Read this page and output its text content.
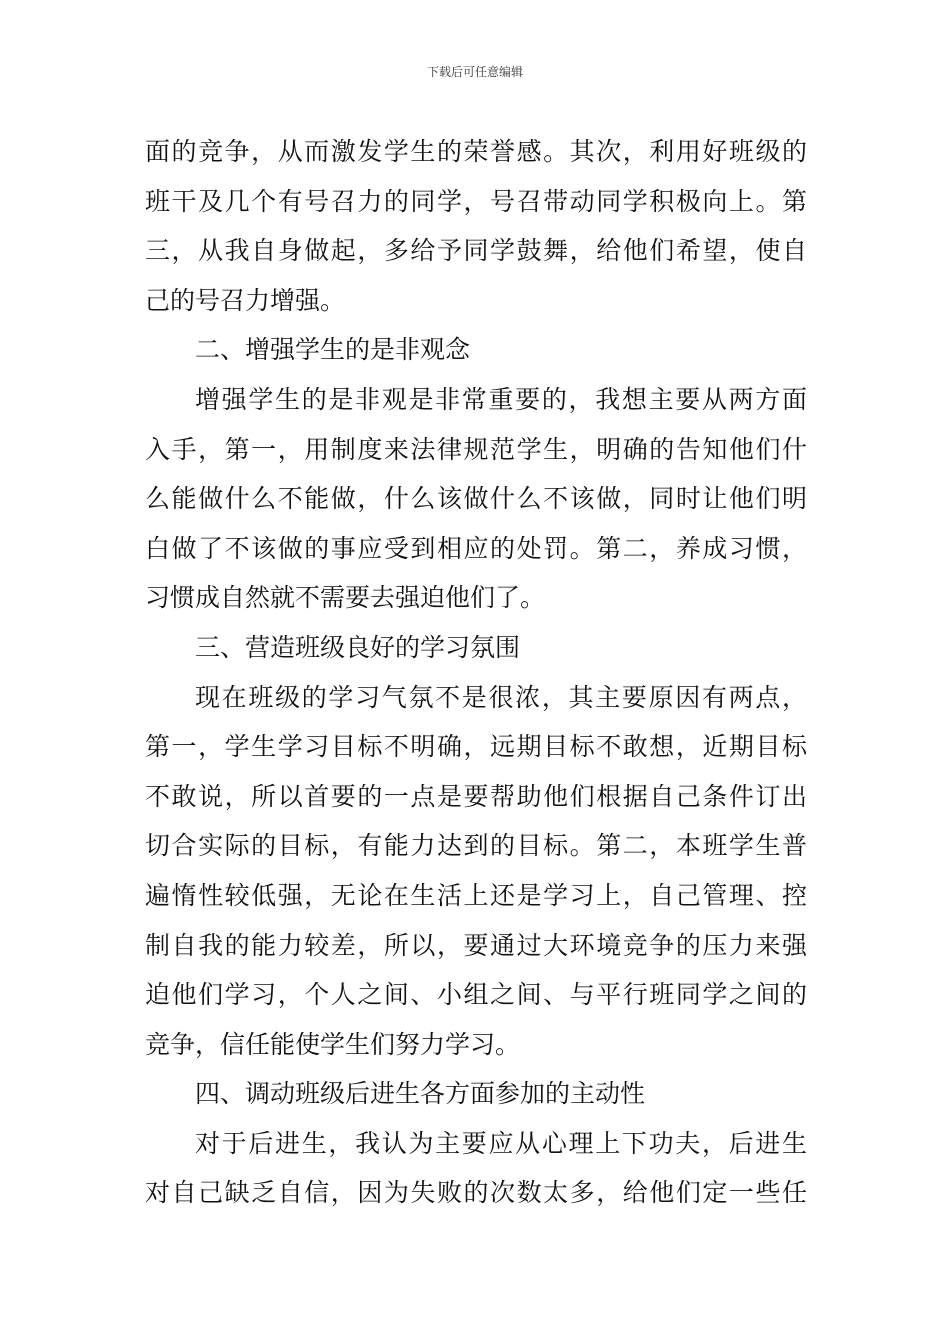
下载后可任意编辑
面的竞争，从而激发学生的荣誉感。其次，利用好班级的
班干及几个有号召力的同学，号召带动同学积极向上。第
三，从我自身做起，多给予同学鼓舞，给他们希望，使自
己的号召力增强。
二、增强学生的是非观念
增强学生的是非观是非常重要的，我想主要从两方面
入手，第一，用制度来法律规范学生，明确的告知他们什
么能做什么不能做，什么该做什么不该做，同时让他们明
白做了不该做的事应受到相应的处罚。第二，养成习惯，
习惯成自然就不需要去强迫他们了。
三、营造班级良好的学习氛围
现在班级的学习气氛不是很浓，其主要原因有两点，
第一，学生学习目标不明确，远期目标不敢想，近期目标
不敢说，所以首要的一点是要帮助他们根据自己条件订出
切合实际的目标，有能力达到的目标。第二，本班学生普
遍惰性较低强，无论在生活上还是学习上，自己管理、控
制自我的能力较差，所以，要通过大环境竞争的压力来强
迫他们学习，个人之间、小组之间、与平行班同学之间的
竞争，信任能使学生们努力学习。
四、调动班级后进生各方面参加的主动性
对于后进生，我认为主要应从心理上下功夫，后进生
对自己缺乏自信，因为失败的次数太多，给他们定一些任
